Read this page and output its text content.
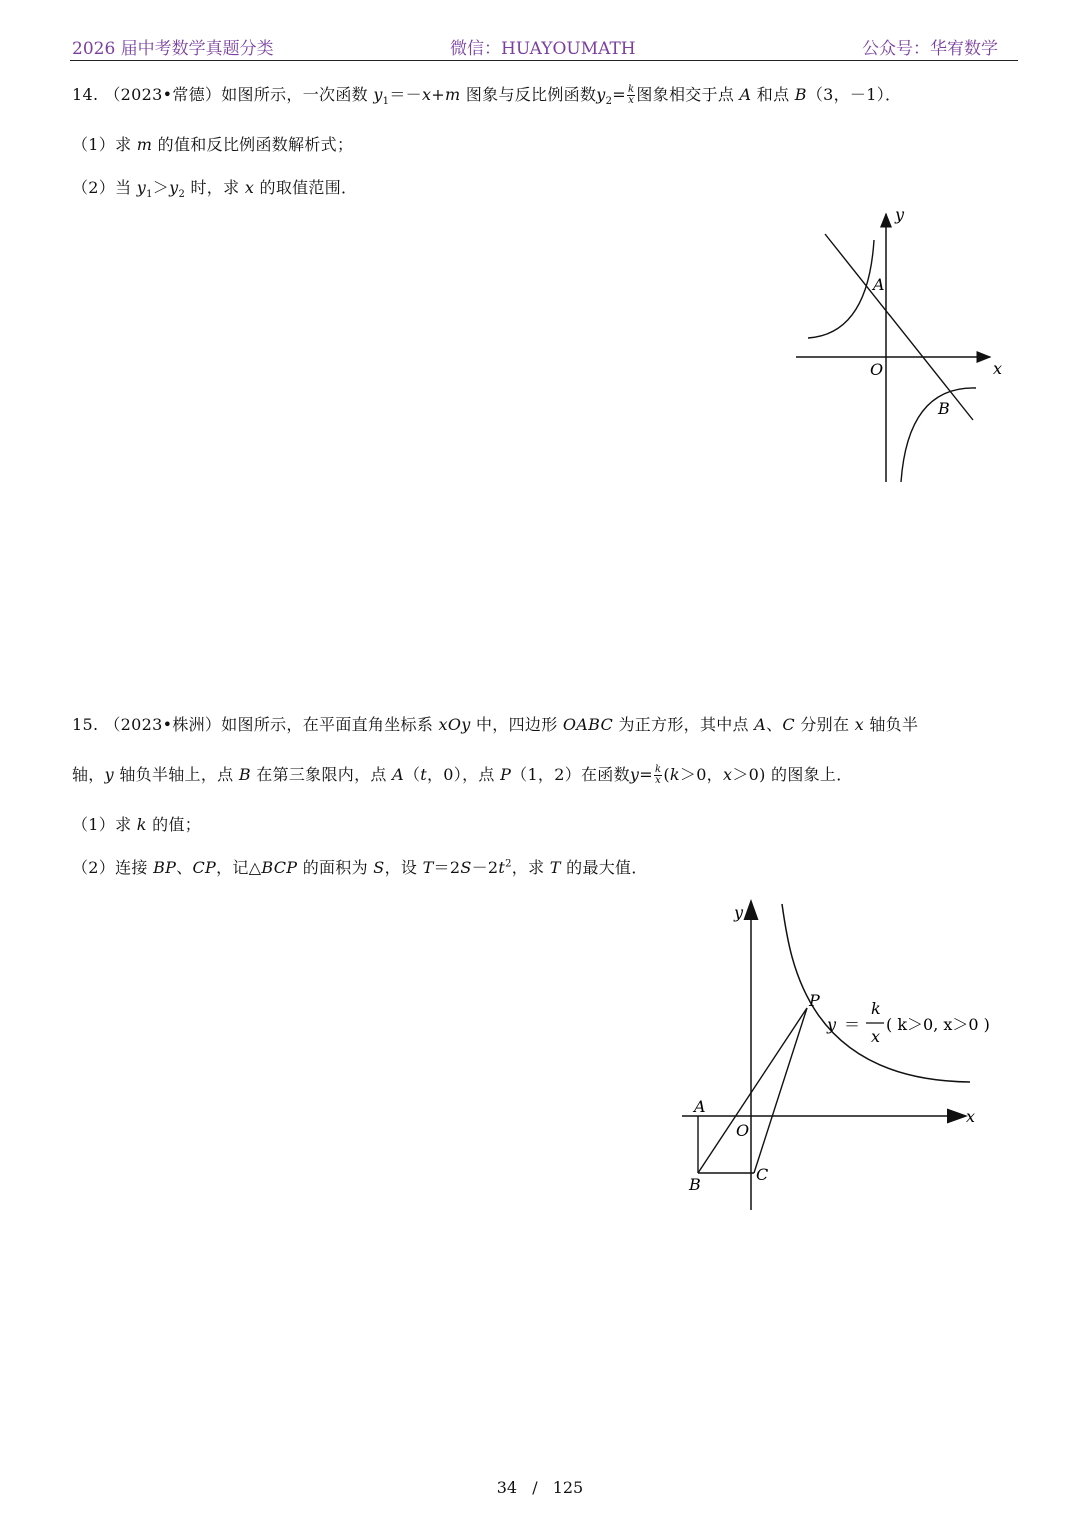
2026 届中考数学真题分类	微信：HUAYOUMATH	公众号：华宥数学
14. （2023•常德）如图所示，一次函数 $y_1=-x+m$ 图象与反比例函数$y_2= \frac{k}{x}$ 图象相交于点 A 和点 B（3，－1）．
（1）求 m 的值和反比例函数解析式；
（2）当 $y_1>y_2$ 时，求 x 的取值范围．
y
x
O
A
B
15. （2023•株洲）如图所示，在平面直角坐标系 xOy 中，四边形 OABC 为正方形，其中点 A、C 分别在 x 轴负半
轴，y 轴负半轴上，点 B 在第三象限内，点 A（t，0），点 P（1，2）在函数$y= \frac{k}{x} (k>0$，x＞0) 的图象上．
（1）求 k 的值；
（2）连接 BP、CP，记△BCP 的面积为 S，设 $T=2S-2t^2$，求 T 的最大值．
y
x
O
A
B
C
P
y ＝
k
x
( k＞0, x＞0 )
34 / 125
